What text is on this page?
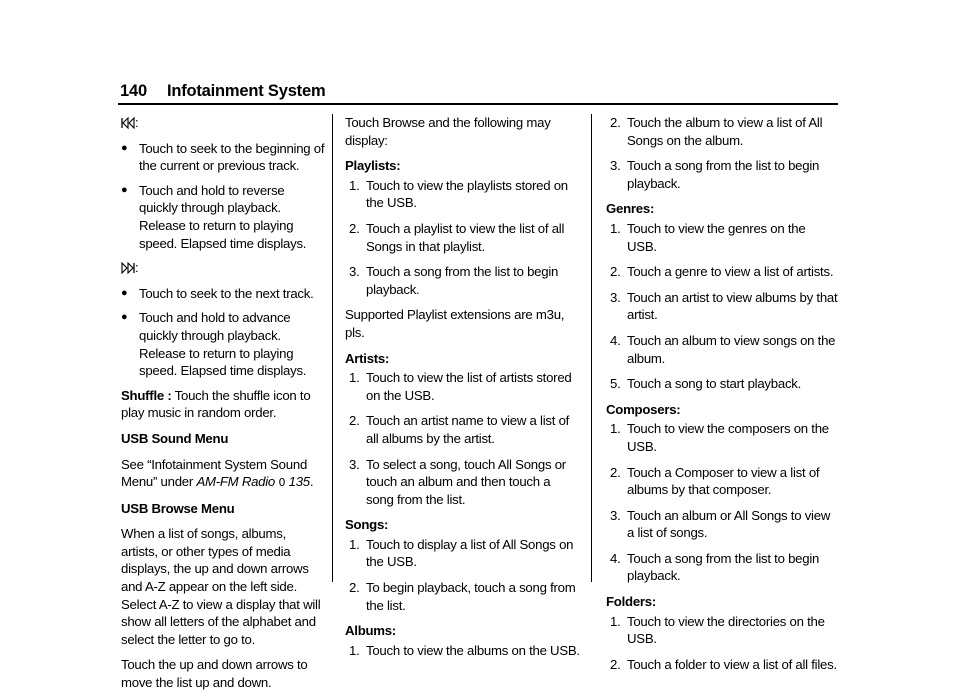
140 Infotainment System
:
● Touch to seek to the beginning of the current or previous track.
● Touch and hold to reverse quickly through playback. Release to return to playing speed. Elapsed time displays.
:
● Touch to seek to the next track.
● Touch and hold to advance quickly through playback. Release to return to playing speed. Elapsed time displays.

Shuffle : Touch the shuffle icon to play music in random order.

USB Sound Menu

See “Infotainment System Sound Menu” under AM-FM Radio 0 135.

USB Browse Menu

When a list of songs, albums, artists, or other types of media displays, the up and down arrows and A-Z appear on the left side. Select A-Z to view a display that will show all letters of the alphabet and select the letter to go to.

Touch the up and down arrows to move the list up and down.

Touch Browse and the following may display:

Playlists:

1. Touch to view the playlists stored on the USB.
2. Touch a playlist to view the list of all Songs in that playlist.
3. Touch a song from the list to begin playback.

Supported Playlist extensions are m3u, pls.

Artists:

1. Touch to view the list of artists stored on the USB.
2. Touch an artist name to view a list of all albums by the artist.
3. To select a song, touch All Songs or touch an album and then touch a song from the list.

Songs:

1. Touch to display a list of All Songs on the USB.
2. To begin playback, touch a song from the list.

Albums:

1. Touch to view the albums on the USB.
2. Touch the album to view a list of All Songs on the album.
3. Touch a song from the list to begin playback.

Genres:

1. Touch to view the genres on the USB.
2. Touch a genre to view a list of artists.
3. Touch an artist to view albums by that artist.
4. Touch an album to view songs on the album.
5. Touch a song to start playback.

Composers:

1. Touch to view the composers on the USB.
2. Touch a Composer to view a list of albums by that composer.
3. Touch an album or All Songs to view a list of songs.
4. Touch a song from the list to begin playback.

Folders:

1. Touch to view the directories on the USB.
2. Touch a folder to view a list of all files.
